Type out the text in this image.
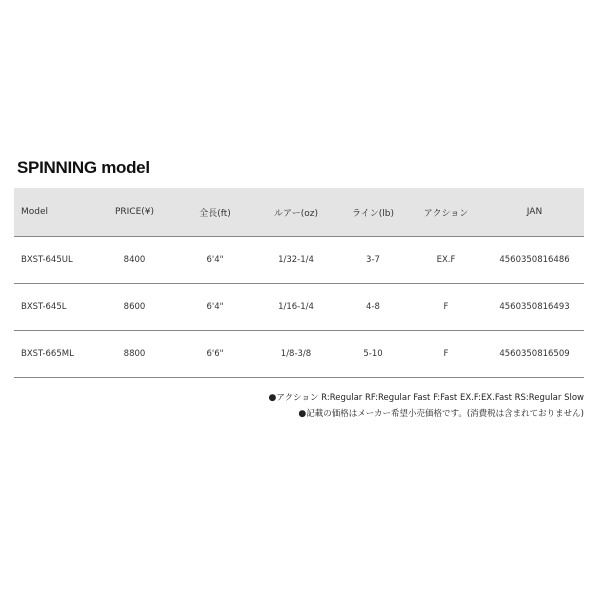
SPINNING model
Model	PRICE(¥)	全長(ft)	ルアー(oz)	ライン(lb)	アクション	JAN
BXST-645UL	8400	6'4"	1/32-1/4	3-7	EX.F	4560350816486
BXST-645L	8600	6'4"	1/16-1/4	4-8	F	4560350816493
BXST-665ML	8800	6'6"	1/8-3/8	5-10	F	4560350816509
●アクション R:Regular RF:Regular Fast F:Fast EX.F:EX.Fast RS:Regular Slow
●記載の価格はメーカー希望小売価格です。(消費税は含まれておりません)
